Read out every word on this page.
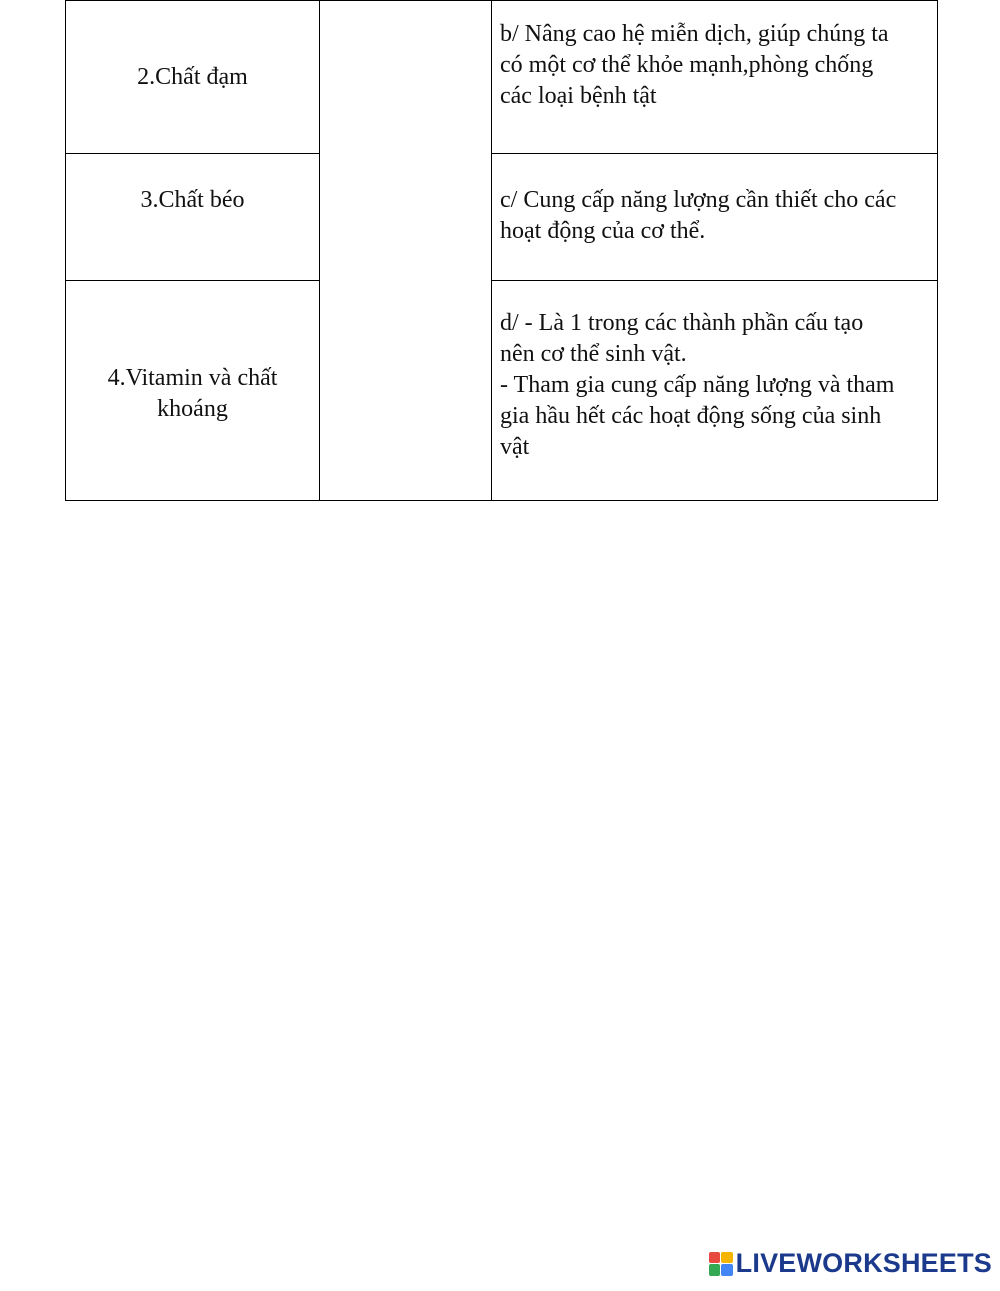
2.Chất đạm		b/ Nâng cao hệ miễn dịch, giúp chúng ta
có một cơ thể khỏe mạnh,phòng chống
các loại bệnh tật

3.Chất béo		c/ Cung cấp năng lượng cần thiết cho các
hoạt động của cơ thể.

4.Vitamin và chất
khoáng		d/ - Là 1 trong các thành phần cấu tạo
nên cơ thể sinh vật.
- Tham gia cung cấp năng lượng và tham
gia hầu hết các hoạt động sống của sinh
vật
LIVEWORKSHEETS
